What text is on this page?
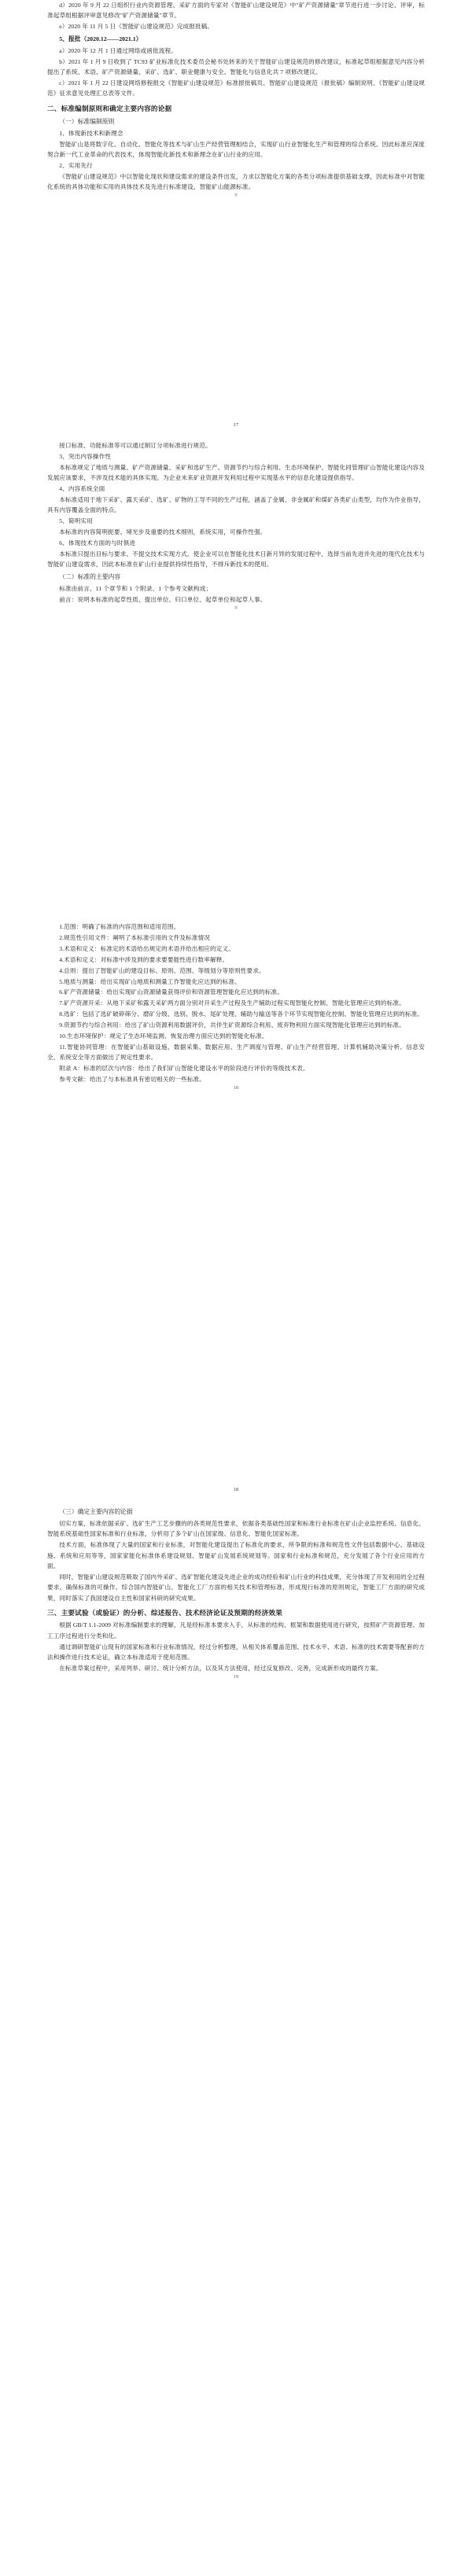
d）2020 年 9 月 22 日组织行业内资源管理、采矿方面的专家对《智能矿山建设规范》中"矿产资源储量"章节进行进一步讨论、评审，标准起草组根据评审意见修改"矿产资源储量"章节。

e）2020 年 11 月 5 日《智能矿山建设规范》完成报批稿。

5、报批（2020.12——2021.1）

a）2020 年 12 月 1 日通过网络或函批流程。

b）2021 年 1 月 9 日收到了 TC93 矿业标准化技术委员会秘书处转来的关于智能矿山建设规范的修改建议，标准起草组根据意见内容分析提出了系统、术语、矿产资源储量、采矿、选矿、职业健康与安全、智能化与信息化共 7 项修改建议。

c）2021 年 1 月 22 日建设网络修程报交《智能矿山建设规范》标准报批稿页、智能矿山建设规范（报批稿）编制说明、《智能矿山建设规范》征求意见处理汇总表等文件。

二、标准编制原则和确定主要内容的论据
（一）标准编制原则

1、体现新技术和新理念

智能矿山是将数字化、自动化、智能化等技术与矿山生产经营管理相结合，实现矿山行业智能化生产和管理的综合系统。因此标准应深度契合新一代工业革命的代表技术，体现智能化新技术和新理念在矿山行业的应用。

2、实用先行

《智能矿山建设规范》中以智能化现状和建设需求的建设条件出发，力求以智能化方案的各类分项标准提供基础支撑，因此标准中对智能化系统的具体功能和实用的具体技术及先进行标准建设，智能矿山能源标准。

＊
17

接口标准、功能标准等可以通过制订分项标准进行规范。

3、突出内容操作性

本标准规定了地质与测量、矿产资源储量、采矿和选矿生产、资源节约与综合利用、生态环境保护、智能化同管理矿山智能化建设内容及发展应该要求，不涉及技术能的具体实现。为企业未来矿业资源开发利用过程中实现基水平的信息化建设提供指导。

4、内容系统全面

本标准适用于地下采矿、露天采矿、选矿、矿物的工导不同的生产过程，涵盖了金属、非金属矿和煤矿各类矿山类型，均作为作业指导，具有内容覆盖全面的特点。

5、简明实用

本标准的内容简明扼要、境光步及重要的技术细则，系统实用，可操作性强。

6、体现技术方面的与时俱进

本标准只提出目标与要求、不提交技术实现方式。使企业可以在智能化技术日新月异的发展过程中，选择当前先进并先进的现代化技术与智能矿山建设需求，因此本标准在矿山行业提供持续性指导，不排斥新技术的使用。

（二）标准的主要内容

标准由前言、11 个章节和 1 个附录、1 个参考文献构成；

前言：说明本标准的起草性质、提出单位、归口单位、起草单位和起草人事。

＊

1.范围：明确了标准的内容范围和适用范围。

2.规范性引用文件：阐明了本标准引用的文件及标准情况

3.术语和定义：标准定的术语给出规定的术语并给出相应的定义。

4.术语和定义：对标准中涉及到的要求要要能性进行数率解释。

4.总则：提出了智能矿山的建设目标、原则、范围、等级划分等原则性要求。

5.地质与测量：给出实现矿山地质和测量工作智能化应达到的标准。

6.矿产资源储量：给出实现矿山资源储量获得评价和资源管理智能化应达到的标准。

7.矿产资源开采：从地下采矿和露天采矿两方面分别对开采生产过程及生产辅助过程实现智能化控制、智能化管理应达到的标准。

8.选矿：包括了选矿破碎筛分、磨矿分级、选别、脱水、尾矿处理、辅助与输送等各个环节实现智能化控制、智能化管理应达到的标准。

9.资源节约与综合利用：给出了矿山资源利用数据评价，共伴生矿资源综合利用、废弃物利用方面实现智能化管理应达到的标准。

10.生态环境保护：规定了生态环境监测、恢复治理方面应达到的智能化标准。

11.智能协同管理：在智能矿山基础设施、数据采集、数据应用、生产调度与管理、矿山生产经营管理、计算机辅助决策分析、信息安全、系统安全等方面做出了规定性要求。

附录 A：标准的层次与内容：给出了我们矿山智能化建设水平的阶段进行评价的等级技术表。

参考文献：给出了与本标准具有密切相关的一些标准。

18
18
（三）确定主要内容的论据

切实方案，标准依据采矿、选矿生产工艺步骤的的各类规范性要求，依据各类基础性国家和标准行业标准在矿山企业监控系统、信息化、智能系统基础性国家标准和行业标准，分析用了多个矿山在国家级、信息化、智能化国家标准。

技术方面，标准体现了大量的国家和行业标准，对智能化建设提出了标准化的要求，所争限的标准和规范性文件包括数据中心、基础设施、系统和应用等等，国家家能化标准体系建设规划、智能矿山发展系统规划等。国家和行业标准和规范，充分发展了各个行业应用的方面。

同时，智能矿山建设规范吸取了国内外采矿、选矿智能化建设先进企业的成功经验和矿山行业的科技成果，充分体现了开发利用的全过程要求，确保标准的可操作。综合国内智能矿山、智能化工厂方面的相关技术和管理标准，形成现行标准的原则规定，智能工厂方面的研究成果，同时落实了我国建设自主性和国家科研的研究成果。

三、主要试验（或验证）的分析、综述报告、技术经济论证及预期的经济效果

根据 GB/T 1.1-2009 对标准编制要求的理解，凡是经标准本要求入手，从标准的结构、框架和数据使用进行研究，按照矿产资源管理、加工工序过程进行分类和化。

通过调研智能矿山现有的国家标准和行业标准情况，经过分析整理，从相关体系覆盖范围、技术水平、术语、标准的技术需要等配套的方法和操作进行技术论证，确立本标准适用于使用范围。

在标准草案过程中，采用列举、研讨、统计分析方法，以及其方法使用，经过反复修改、完善，完成新形成的最终方案。

19
